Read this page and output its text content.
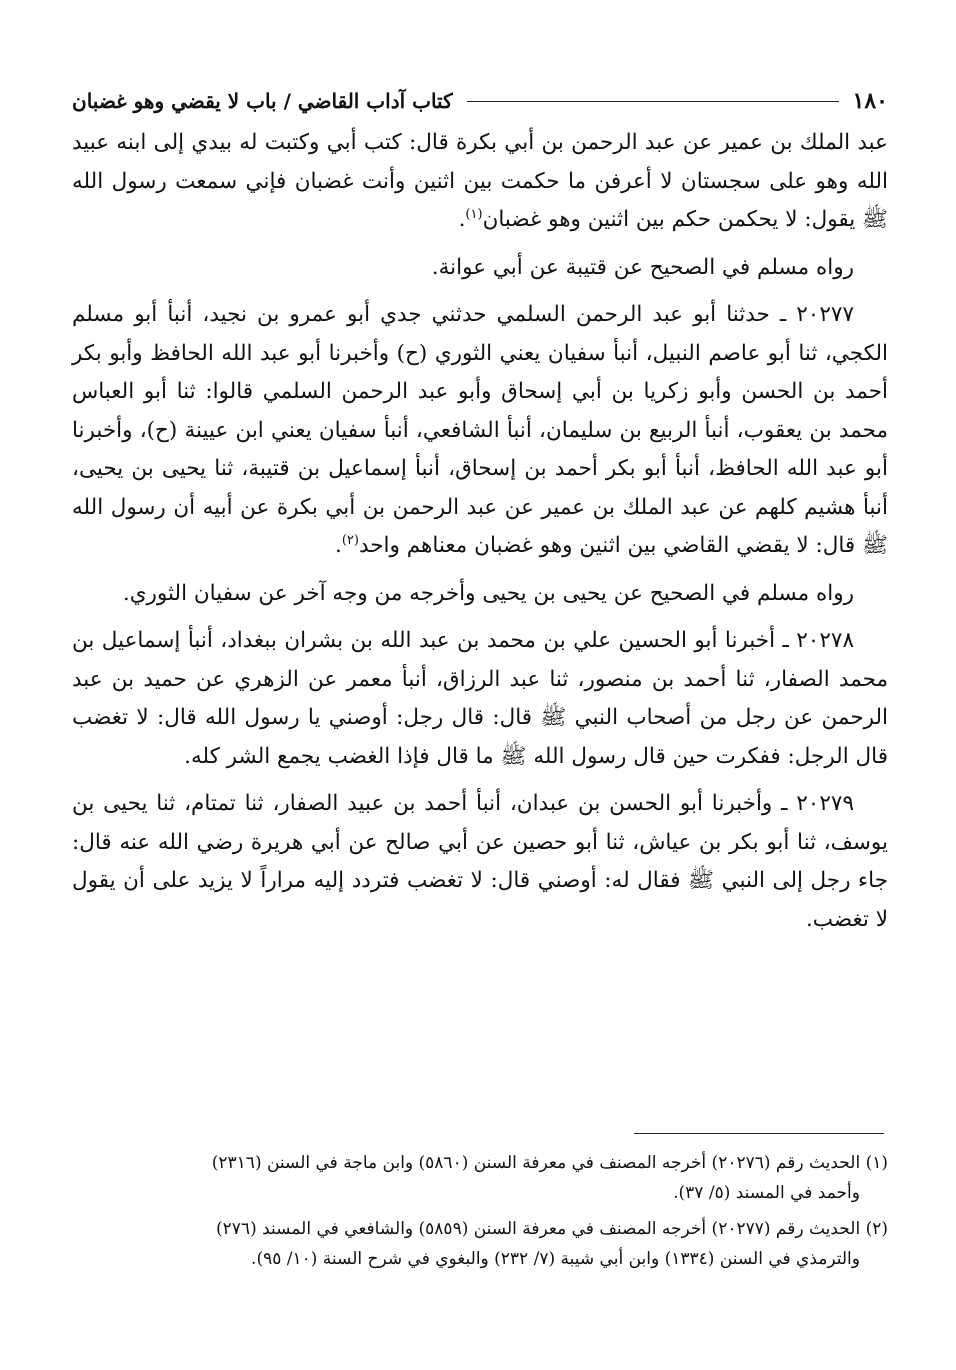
١٨٠
كتاب آداب القاضي / باب لا يقضي وهو غضبان

عبد الملك بن عمير عن عبد الرحمن بن أبي بكرة قال: كتب أبي وكتبت له بيدي إلى ابنه عبيد الله وهو على سجستان لا أعرفن ما حكمت بين اثنين وأنت غضبان فإني سمعت رسول الله ﷺ يقول: لا يحكمن حكم بين اثنين وهو غضبان$^{(١)}$.

رواه مسلم في الصحيح عن قتيبة عن أبي عوانة.

٢٠٢٧٧ ـ حدثنا أبو عبد الرحمن السلمي حدثني جدي أبو عمرو بن نجيد، أنبأ أبو مسلم الكجي، ثنا أبو عاصم النبيل، أنبأ سفيان يعني الثوري (ح) وأخبرنا أبو عبد الله الحافظ وأبو بكر أحمد بن الحسن وأبو زكريا بن أبي إسحاق وأبو عبد الرحمن السلمي قالوا: ثنا أبو العباس محمد بن يعقوب، أنبأ الربيع بن سليمان، أنبأ الشافعي، أنبأ سفيان يعني ابن عيينة (ح)، وأخبرنا أبو عبد الله الحافظ، أنبأ أبو بكر أحمد بن إسحاق، أنبأ إسماعيل بن قتيبة، ثنا يحيى بن يحيى، أنبأ هشيم كلهم عن عبد الملك بن عمير عن عبد الرحمن بن أبي بكرة عن أبيه أن رسول الله ﷺ قال: لا يقضي القاضي بين اثنين وهو غضبان معناهم واحد$^{(٢)}$.

رواه مسلم في الصحيح عن يحيى بن يحيى وأخرجه من وجه آخر عن سفيان الثوري.

٢٠٢٧٨ ـ أخبرنا أبو الحسين علي بن محمد بن عبد الله بن بشران ببغداد، أنبأ إسماعيل بن محمد الصفار، ثنا أحمد بن منصور، ثنا عبد الرزاق، أنبأ معمر عن الزهري عن حميد بن عبد الرحمن عن رجل من أصحاب النبي ﷺ قال: قال رجل: أوصني يا رسول الله قال: لا تغضب قال الرجل: ففكرت حين قال رسول الله ﷺ ما قال فإذا الغضب يجمع الشر كله.

٢٠٢٧٩ ـ وأخبرنا أبو الحسن بن عبدان، أنبأ أحمد بن عبيد الصفار، ثنا تمتام، ثنا يحيى بن يوسف، ثنا أبو بكر بن عياش، ثنا أبو حصين عن أبي صالح عن أبي هريرة رضي الله عنه قال: جاء رجل إلى النبي ﷺ فقال له: أوصني قال: لا تغضب فتردد إليه مراراً لا يزيد على أن يقول لا تغضب.

(١) الحديث رقم (٢٠٢٧٦) أخرجه المصنف في معرفة السنن (٥٨٦٠) وابن ماجة في السنن (٢٣١٦)
وأحمد في المسند (٥/ ٣٧).
(٢) الحديث رقم (٢٠٢٧٧) أخرجه المصنف في معرفة السنن (٥٨٥٩) والشافعي في المسند (٢٧٦)
والترمذي في السنن (١٣٣٤) وابن أبي شيبة (٧/ ٢٣٢) والبغوي في شرح السنة (١٠/ ٩٥).
